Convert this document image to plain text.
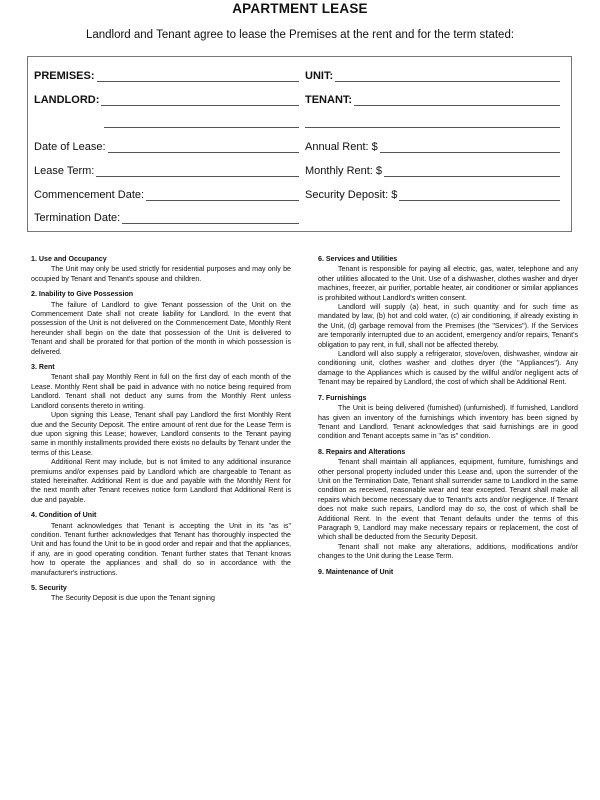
APARTMENT LEASE
Landlord and Tenant agree to lease the Premises at the rent and for the term stated:
PREMISES:	UNIT:
LANDLORD:	TENANT:
Date of Lease:	Annual Rent: $
Lease Term:	Monthly Rent: $
Commencement Date:	Security Deposit: $
Termination Date:
1. Use and Occupancy

The Unit may only be used strictly for residential purposes and may only be occupied by Tenant and Tenant's spouse and children.

2. Inability to Give Possession

The failure of Landlord to give Tenant possession of the Unit on the Commencement Date shall not create liability for Landlord. In the event that possession of the Unit is not delivered on the Commencement Date, Monthly Rent hereunder shall begin on the date that possession of the Unit is delivered to Tenant and shall be prorated for that portion of the month in which possession is delivered.

3. Rent

Tenant shall pay Monthly Rent in full on the first day of each month of the Lease. Monthly Rent shall be paid in advance with no notice being required from Landlord. Tenant shall not deduct any sums from the Monthly Rent unless Landlord consents thereto in writing.

Upon signing this Lease, Tenant shall pay Landlord the first Monthly Rent due and the Security Deposit. The entire amount of rent due for the Lease Term is due upon signing this Lease; however, Landlord consents to the Tenant paying same in monthly installments provided there exists no defaults by Tenant under the terms of this Lease.

Additional Rent may include, but is not limited to any additional insurance premiums and/or expenses paid by Landlord which are chargeable to Tenant as stated hereinafter. Additional Rent is due and payable with the Monthly Rent for the next month after Tenant receives notice form Landlord that Additional Rent is due and payable.

4. Condition of Unit

Tenant acknowledges that Tenant is accepting the Unit in its "as is" condition. Tenant further acknowledges that Tenant has thoroughly inspected the Unit and has found the Unit to be in good order and repair and that the appliances, if any, are in good operating condition. Tenant further states that Tenant knows how to operate the appliances and shall do so in accordance with the manufacturer's instructions.

5. Security

The Security Deposit is due upon the Tenant signing

6. Services and Utilities

Tenant is responsible for paying all electric, gas, water, telephone and any other utilities allocated to the Unit. Use of a dishwasher, clothes washer and dryer machines, freezer, air purifier, portable heater, air conditioner or similar appliances is prohibited without Landlord's written consent.

Landlord will supply (a) heat, in such quantity and for such time as mandated by law, (b) hot and cold water, (c) air conditioning, if already existing in the Unit, (d) garbage removal from the Premises (the "Services"). If the Services are temporarily interrupted due to an accident, emergency and/or repairs, Tenant's obligation to pay rent, in full, shall not be affected thereby.

Landlord will also supply a refrigerator, stove/oven, dishwasher, window air conditioning unit, clothes washer and clothes dryer (the "Appliances"). Any damage to the Appliances which is caused by the willful and/or negligent acts of Tenant may be repaired by Landlord, the cost of which shall be Additional Rent.

7. Furnishings

The Unit is being delivered (furnished) (unfurnished). If furnished, Landlord has given an inventory of the furnishings which inventory has been signed by Tenant and Landlord. Tenant acknowledges that said furnishings are in good condition and Tenant accepts same in "as is" condition.

8. Repairs and Alterations

Tenant shall maintain all appliances, equipment, furniture, furnishings and other personal property included under this Lease and, upon the surrender of the Unit on the Termination Date, Tenant shall surrender same to Landlord in the same condition as received, reasonable wear and tear excepted. Tenant shall make all repairs which become necessary due to Tenant's acts and/or negligence. If Tenant does not make such repairs, Landlord may do so, the cost of which shall be Additional Rent. In the event that Tenant defaults under the terms of this Paragraph 9, Landlord may make necessary repairs or replacement, the cost of which shall be deducted from the Security Deposit.

Tenant shall not make any alterations, additions, modifications and/or changes to the Unit during the Lease Term.

9. Maintenance of Unit
